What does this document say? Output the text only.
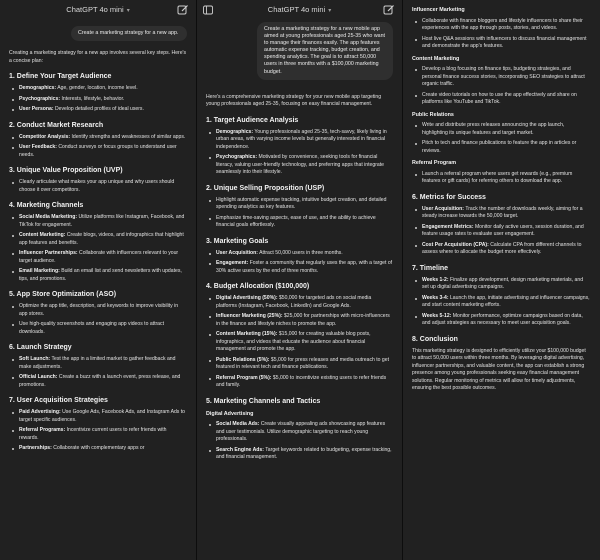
ChatGPT 4o mini ▾
Create a marketing strategy for a new app.

Creating a marketing strategy for a new app involves several key steps. Here's a concise plan:

1. Define Your Target Audience
Demographics: Age, gender, location, income level.
Psychographics: Interests, lifestyle, behavior.
User Persona: Develop detailed profiles of ideal users.
2. Conduct Market Research
Competitor Analysis: Identify strengths and weaknesses of similar apps.
User Feedback: Conduct surveys or focus groups to understand user needs.
3. Unique Value Proposition (UVP)
Clearly articulate what makes your app unique and why users should choose it over competitors.
4. Marketing Channels
Social Media Marketing: Utilize platforms like Instagram, Facebook, and TikTok for engagement.
Content Marketing: Create blogs, videos, and infographics that highlight app features and benefits.
Influencer Partnerships: Collaborate with influencers relevant to your target audience.
Email Marketing: Build an email list and send newsletters with updates, tips, and promotions.
5. App Store Optimization (ASO)
Optimize the app title, description, and keywords to improve visibility in app stores.
Use high-quality screenshots and engaging app videos to attract downloads.
6. Launch Strategy
Soft Launch: Test the app in a limited market to gather feedback and make adjustments.
Official Launch: Create a buzz with a launch event, press release, and promotions.
7. User Acquisition Strategies
Paid Advertising: Use Google Ads, Facebook Ads, and Instagram Ads to target specific audiences.
Referral Programs: Incentivize current users to refer friends with rewards.
Partnerships: Collaborate with complementary apps or
ChatGPT 4o mini ▾
Create a marketing strategy for a new mobile app aimed at young professionals aged 25-35 who want to manage their finances easily. The app features automatic expense tracking, budget creation, and spending analytics. The goal is to attract 50,000 users in three months with a $100,000 marketing budget.

Here's a comprehensive marketing strategy for your new mobile app targeting young professionals aged 25-35, focusing on easy financial management.

1. Target Audience Analysis
Demographics: Young professionals aged 25-35, tech-savvy, likely living in urban areas, with varying income levels but generally interested in financial independence.
Psychographics: Motivated by convenience, seeking tools for financial literacy, valuing user-friendly technology, and preferring apps that integrate seamlessly into their lifestyle.
2. Unique Selling Proposition (USP)
Highlight automatic expense tracking, intuitive budget creation, and detailed spending analytics as key features.
Emphasize time-saving aspects, ease of use, and the ability to achieve financial goals effortlessly.
3. Marketing Goals
User Acquisition: Attract 50,000 users in three months.
Engagement: Foster a community that regularly uses the app, with a target of 30% active users by the end of three months.
4. Budget Allocation ($100,000)
Digital Advertising (50%): $50,000 for targeted ads on social media platforms (Instagram, Facebook, LinkedIn) and Google Ads.
Influencer Marketing (25%): $25,000 for partnerships with micro-influencers in the finance and lifestyle niches to promote the app.
Content Marketing (15%): $15,000 for creating valuable blog posts, infographics, and videos that educate the audience about financial management and promote the app.
Public Relations (5%): $5,000 for press releases and media outreach to get featured in relevant tech and finance publications.
Referral Program (5%): $5,000 to incentivize existing users to refer friends and family.
5. Marketing Channels and Tactics
Digital Advertising
Social Media Ads: Create visually appealing ads showcasing app features and user testimonials. Utilize demographic targeting to reach young professionals.
Search Engine Ads: Target keywords related to budgeting, expense tracking, and financial management.
Influencer Marketing
Collaborate with finance bloggers and lifestyle influencers to share their experiences with the app through posts, stories, and videos.
Host live Q&A sessions with influencers to discuss financial management and demonstrate the app's features.
Content Marketing
Develop a blog focusing on finance tips, budgeting strategies, and personal finance success stories, incorporating SEO strategies to attract organic traffic.
Create video tutorials on how to use the app effectively and share on platforms like YouTube and TikTok.
Public Relations
Write and distribute press releases announcing the app launch, highlighting its unique features and target market.
Pitch to tech and finance publications to feature the app in articles or reviews.
Referral Program
Launch a referral program where users get rewards (e.g., premium features or gift cards) for referring others to download the app.
6. Metrics for Success
User Acquisition: Track the number of downloads weekly, aiming for a steady increase towards the 50,000 target.
Engagement Metrics: Monitor daily active users, session duration, and feature usage rates to evaluate user engagement.
Cost Per Acquisition (CPA): Calculate CPA from different channels to assess where to allocate the budget more effectively.
7. Timeline
Weeks 1-2: Finalize app development, design marketing materials, and set up digital advertising campaigns.
Weeks 3-4: Launch the app, initiate advertising and influencer campaigns, and start content marketing efforts.
Weeks 5-12: Monitor performance, optimize campaigns based on data, and adjust strategies as necessary to meet user acquisition goals.
8. Conclusion

This marketing strategy is designed to efficiently utilize your $100,000 budget to attract 50,000 users within three months. By leveraging digital advertising, influencer partnerships, and valuable content, the app can establish a strong presence among young professionals seeking easy financial management solutions. Regular monitoring of metrics will allow for timely adjustments, ensuring the best possible outcomes.
